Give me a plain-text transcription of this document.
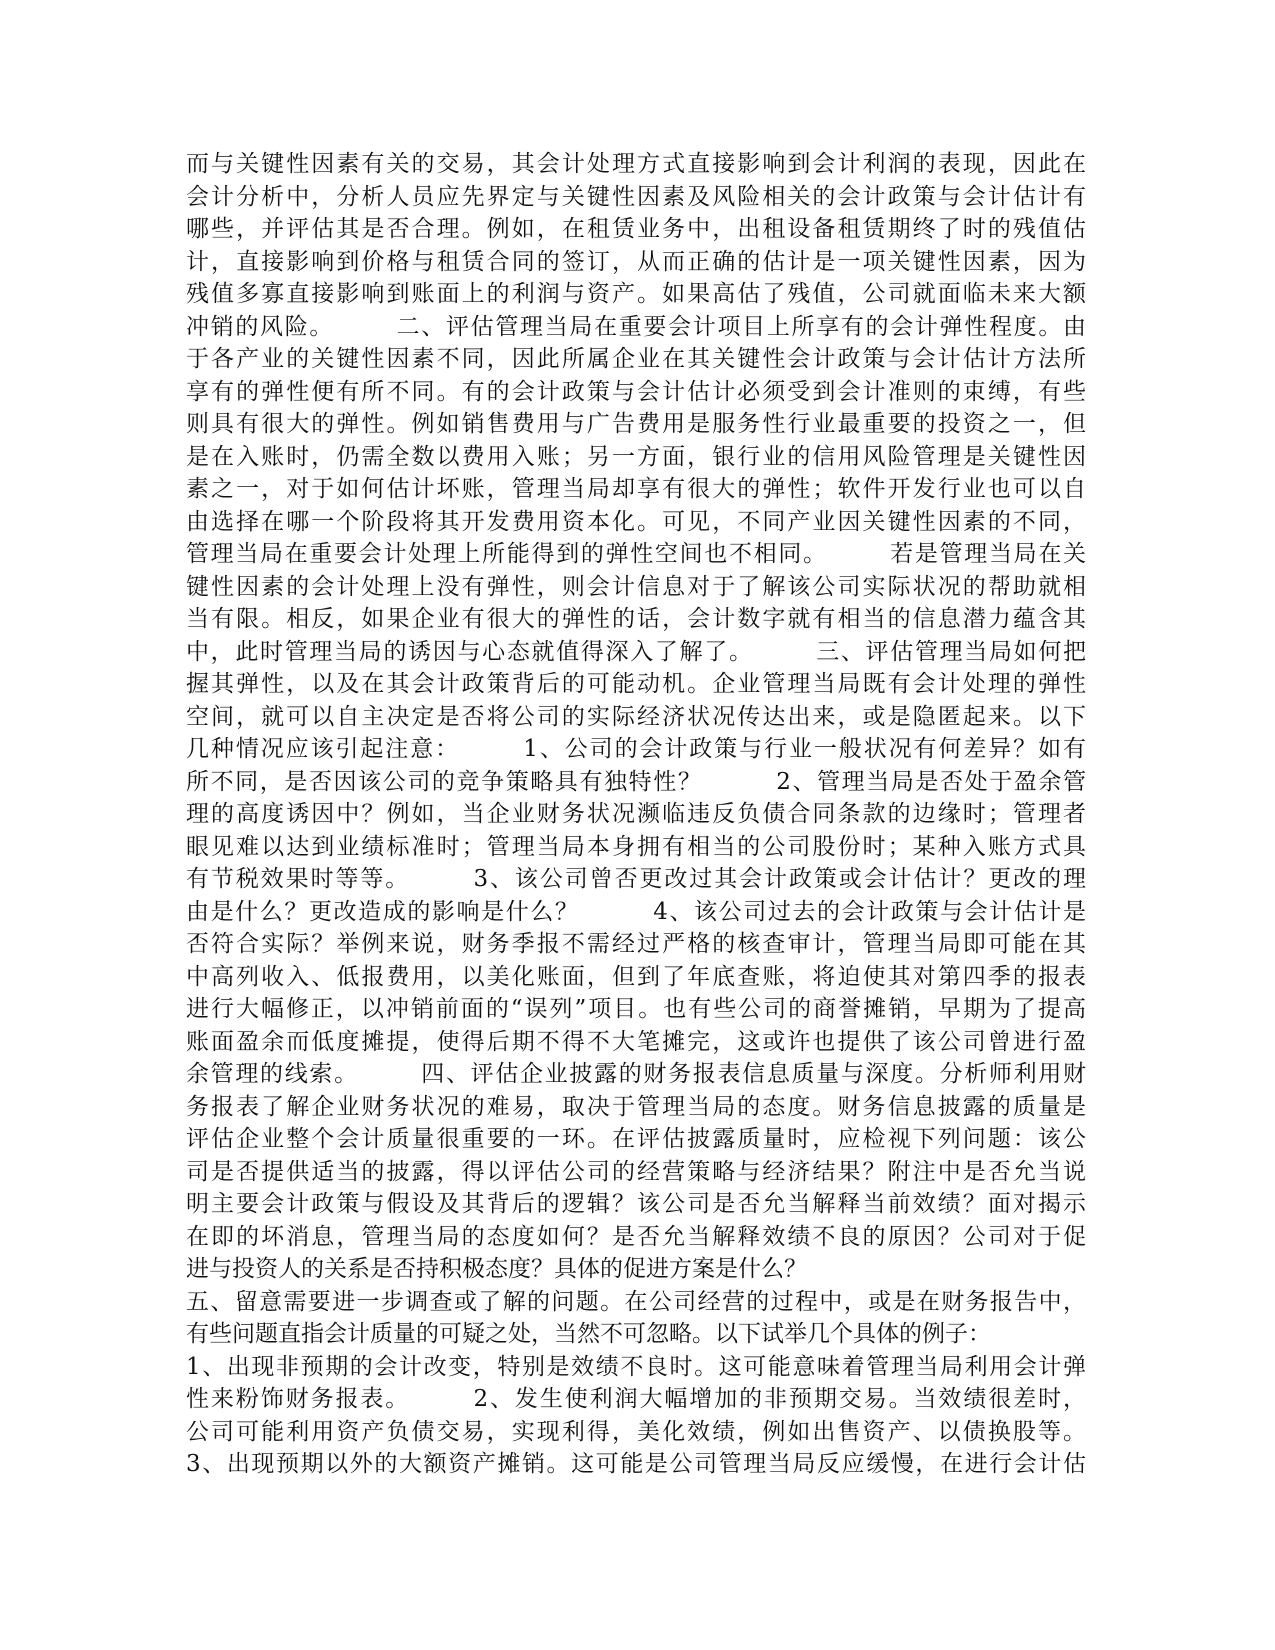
而与关键性因素有关的交易，其会计处理方式直接影响到会计利润的表现，因此在
会计分析中，分析人员应先界定与关键性因素及风险相关的会计政策与会计估计有
哪些，并评估其是否合理。例如，在租赁业务中，出租设备租赁期终了时的残值估
计，直接影响到价格与租赁合同的签订，从而正确的估计是一项关键性因素，因为
残值多寡直接影响到账面上的利润与资产。如果高估了残值，公司就面临未来大额
冲销的风险。　　　二、评估管理当局在重要会计项目上所享有的会计弹性程度。由
于各产业的关键性因素不同，因此所属企业在其关键性会计政策与会计估计方法所
享有的弹性便有所不同。有的会计政策与会计估计必须受到会计准则的束缚，有些
则具有很大的弹性。例如销售费用与广告费用是服务性行业最重要的投资之一，但
是在入账时，仍需全数以费用入账；另一方面，银行业的信用风险管理是关键性因
素之一，对于如何估计坏账，管理当局却享有很大的弹性；软件开发行业也可以自
由选择在哪一个阶段将其开发费用资本化。可见，不同产业因关键性因素的不同，
管理当局在重要会计处理上所能得到的弹性空间也不相同。　　　若是管理当局在关
键性因素的会计处理上没有弹性，则会计信息对于了解该公司实际状况的帮助就相
当有限。相反，如果企业有很大的弹性的话，会计数字就有相当的信息潜力蕴含其
中，此时管理当局的诱因与心态就值得深入了解了。　　　三、评估管理当局如何把
握其弹性，以及在其会计政策背后的可能动机。企业管理当局既有会计处理的弹性
空间，就可以自主决定是否将公司的实际经济状况传达出来，或是隐匿起来。以下
几种情况应该引起注意：　　　1、公司的会计政策与行业一般状况有何差异？如有
所不同，是否因该公司的竞争策略具有独特性？　　　2、管理当局是否处于盈余管
理的高度诱因中？例如，当企业财务状况濒临违反负债合同条款的边缘时；管理者
眼见难以达到业绩标准时；管理当局本身拥有相当的公司股份时；某种入账方式具
有节税效果时等等。　　　3、该公司曾否更改过其会计政策或会计估计？更改的理
由是什么？更改造成的影响是什么？　　　4、该公司过去的会计政策与会计估计是
否符合实际？举例来说，财务季报不需经过严格的核查审计，管理当局即可能在其
中高列收入、低报费用，以美化账面，但到了年底查账，将迫使其对第四季的报表
进行大幅修正，以冲销前面的“误列”项目。也有些公司的商誉摊销，早期为了提高
账面盈余而低度摊提，使得后期不得不大笔摊完，这或许也提供了该公司曾进行盈
余管理的线索。　　　四、评估企业披露的财务报表信息质量与深度。分析师利用财
务报表了解企业财务状况的难易，取决于管理当局的态度。财务信息披露的质量是
评估企业整个会计质量很重要的一环。在评估披露质量时，应检视下列问题：该公
司是否提供适当的披露，得以评估公司的经营策略与经济结果？附注中是否允当说
明主要会计政策与假设及其背后的逻辑？该公司是否允当解释当前效绩？面对揭示
在即的坏消息，管理当局的态度如何？是否允当解释效绩不良的原因？公司对于促
进与投资人的关系是否持积极态度？具体的促进方案是什么？
五、留意需要进一步调查或了解的问题。在公司经营的过程中，或是在财务报告中，
有些问题直指会计质量的可疑之处，当然不可忽略。以下试举几个具体的例子：
1、出现非预期的会计改变，特别是效绩不良时。这可能意味着管理当局利用会计弹
性来粉饰财务报表。　　　2、发生使利润大幅增加的非预期交易。当效绩很差时，
公司可能利用资产负债交易，实现利得，美化效绩，例如出售资产、以债换股等。
3、出现预期以外的大额资产摊销。这可能是公司管理当局反应缓慢，在进行会计估
